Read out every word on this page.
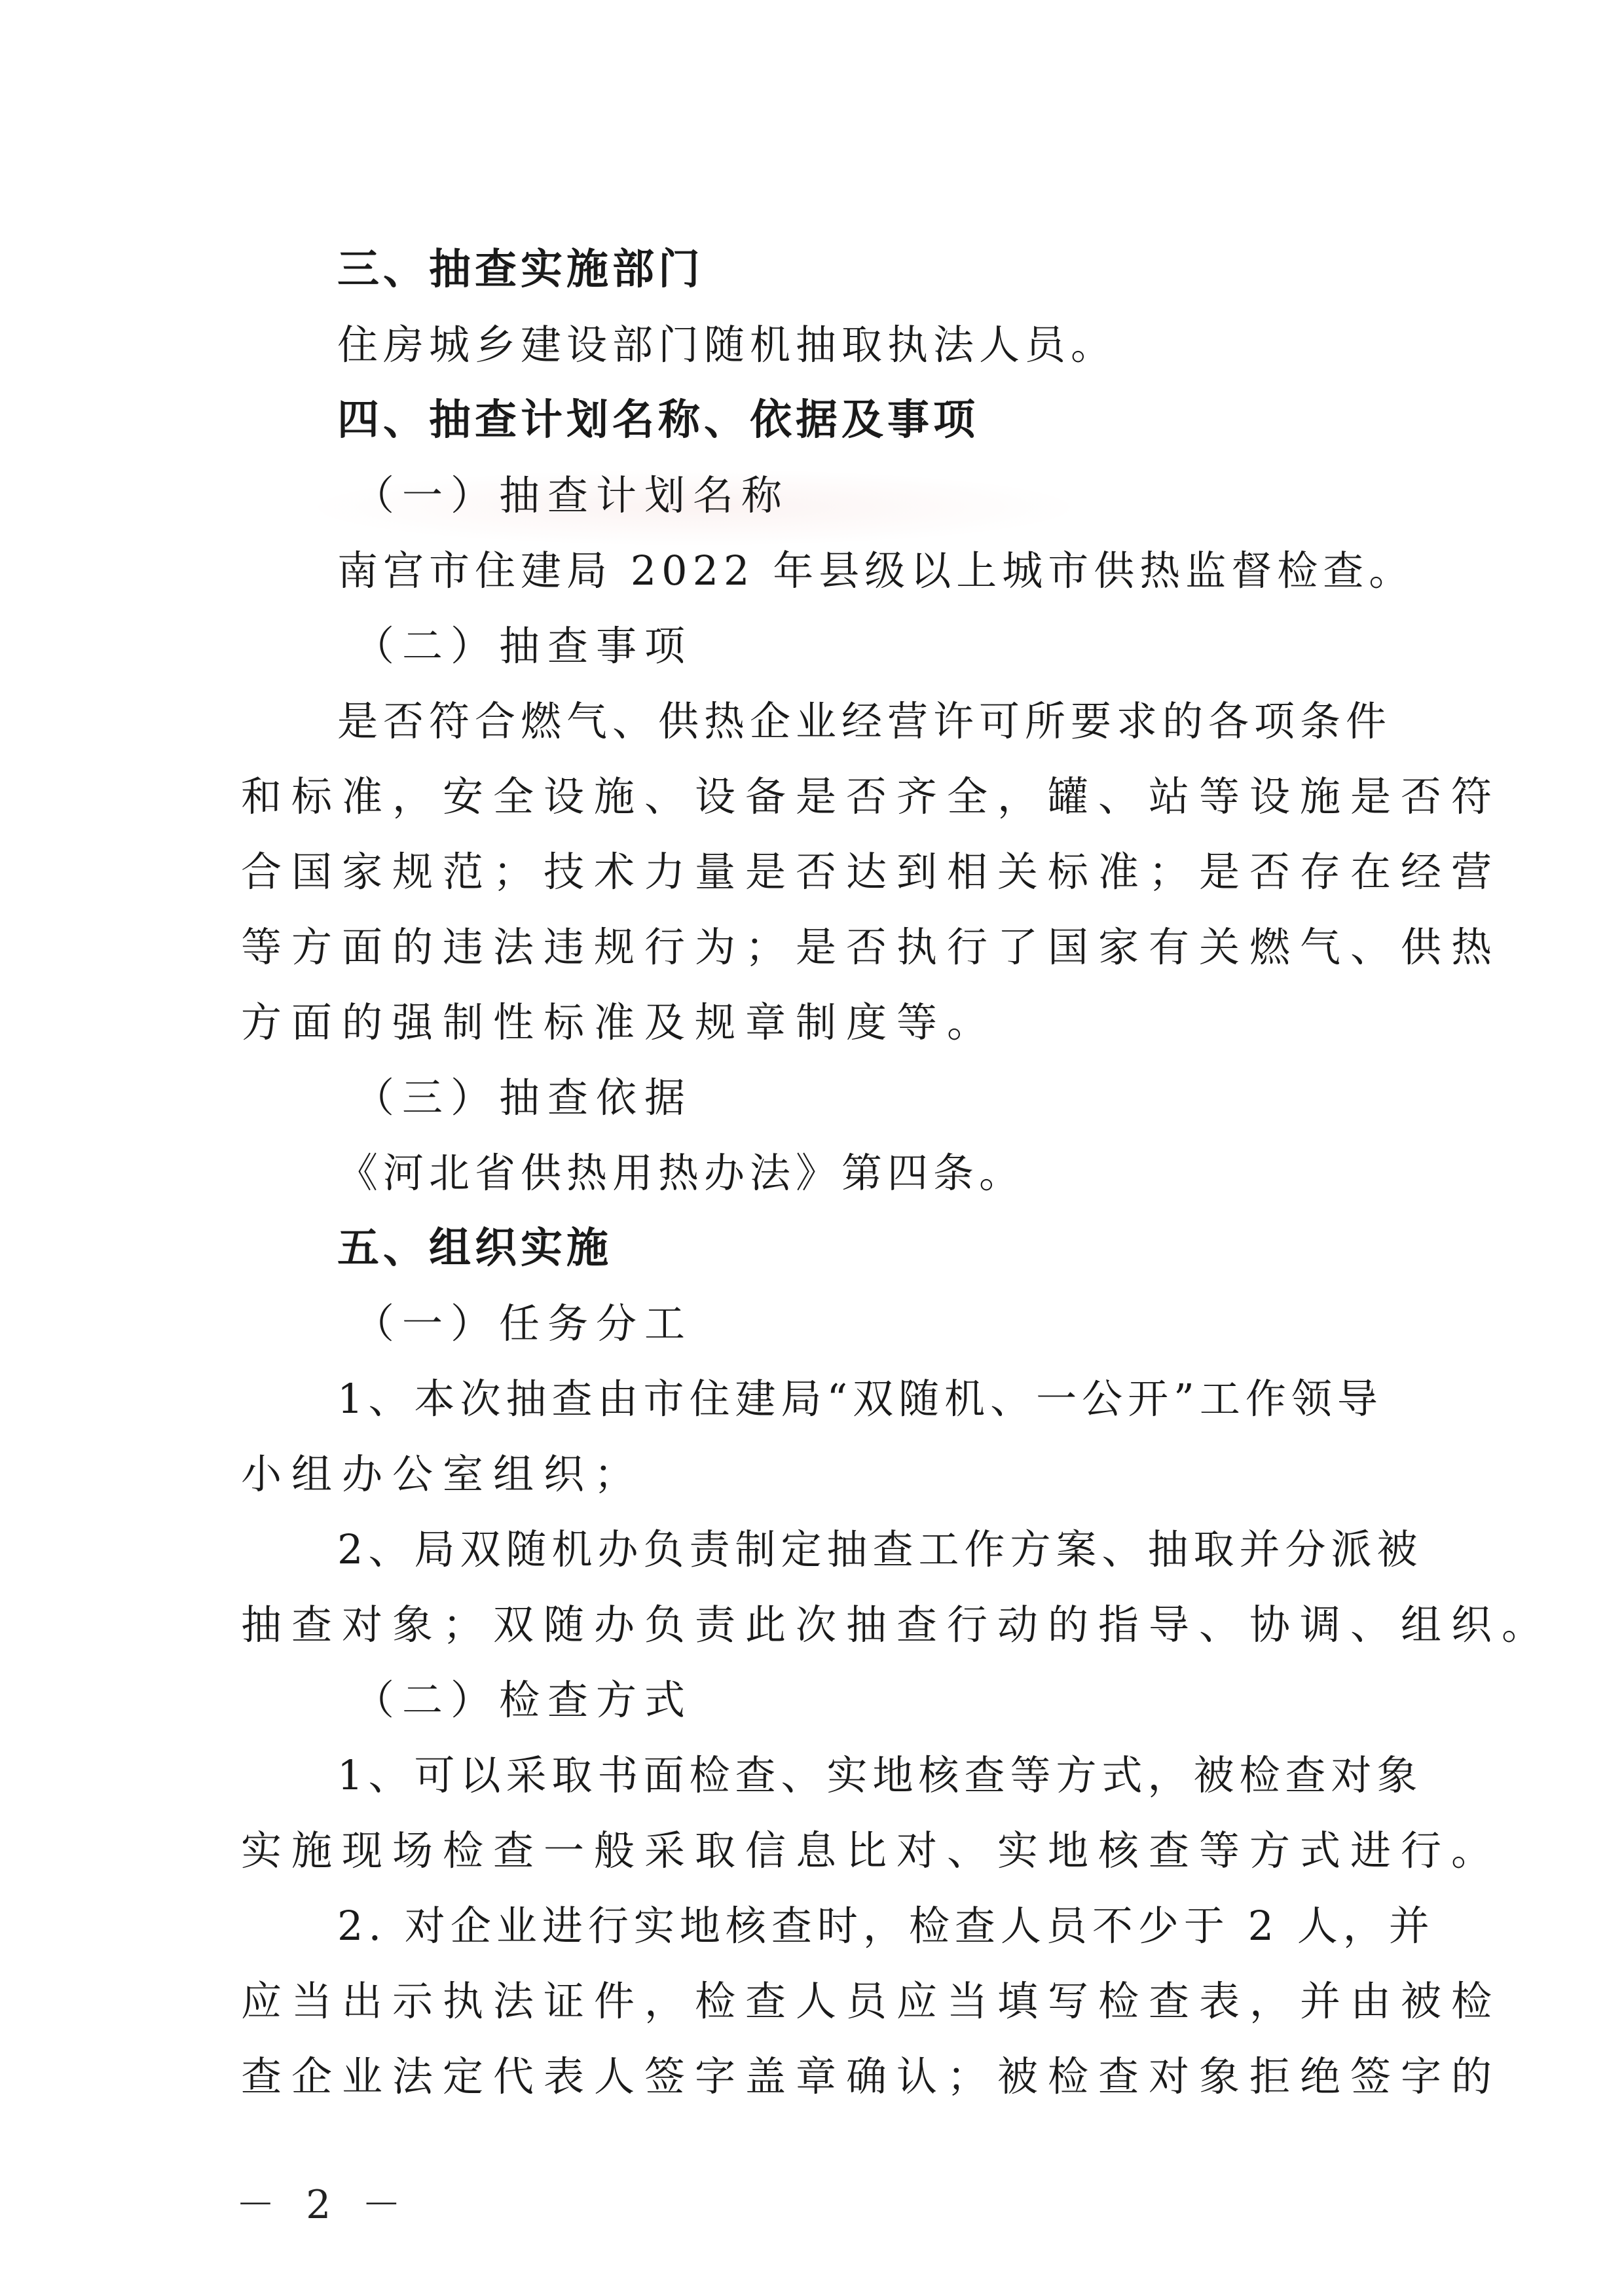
三、抽查实施部门
住房城乡建设部门随机抽取执法人员。
四、抽查计划名称、依据及事项
（一）抽查计划名称
南宫市住建局 2022 年县级以上城市供热监督检查。
（二）抽查事项
是否符合燃气、供热企业经营许可所要求的各项条件
和标准，安全设施、设备是否齐全，罐、站等设施是否符
合国家规范；技术力量是否达到相关标准；是否存在经营
等方面的违法违规行为；是否执行了国家有关燃气、供热
方面的强制性标准及规章制度等。
（三）抽查依据
《河北省供热用热办法》第四条。
五、组织实施
（一）任务分工
1、本次抽查由市住建局“双随机、一公开”工作领导
小组办公室组织；
2、局双随机办负责制定抽查工作方案、抽取并分派被
抽查对象；双随办负责此次抽查行动的指导、协调、组织。
（二）检查方式
1、可以采取书面检查、实地核查等方式，被检查对象
实施现场检查一般采取信息比对、实地核查等方式进行。
2. 对企业进行实地核查时，检查人员不少于 2 人，并
应当出示执法证件，检查人员应当填写检查表，并由被检
查企业法定代表人签字盖章确认；被检查对象拒绝签字的
－ 2 －
